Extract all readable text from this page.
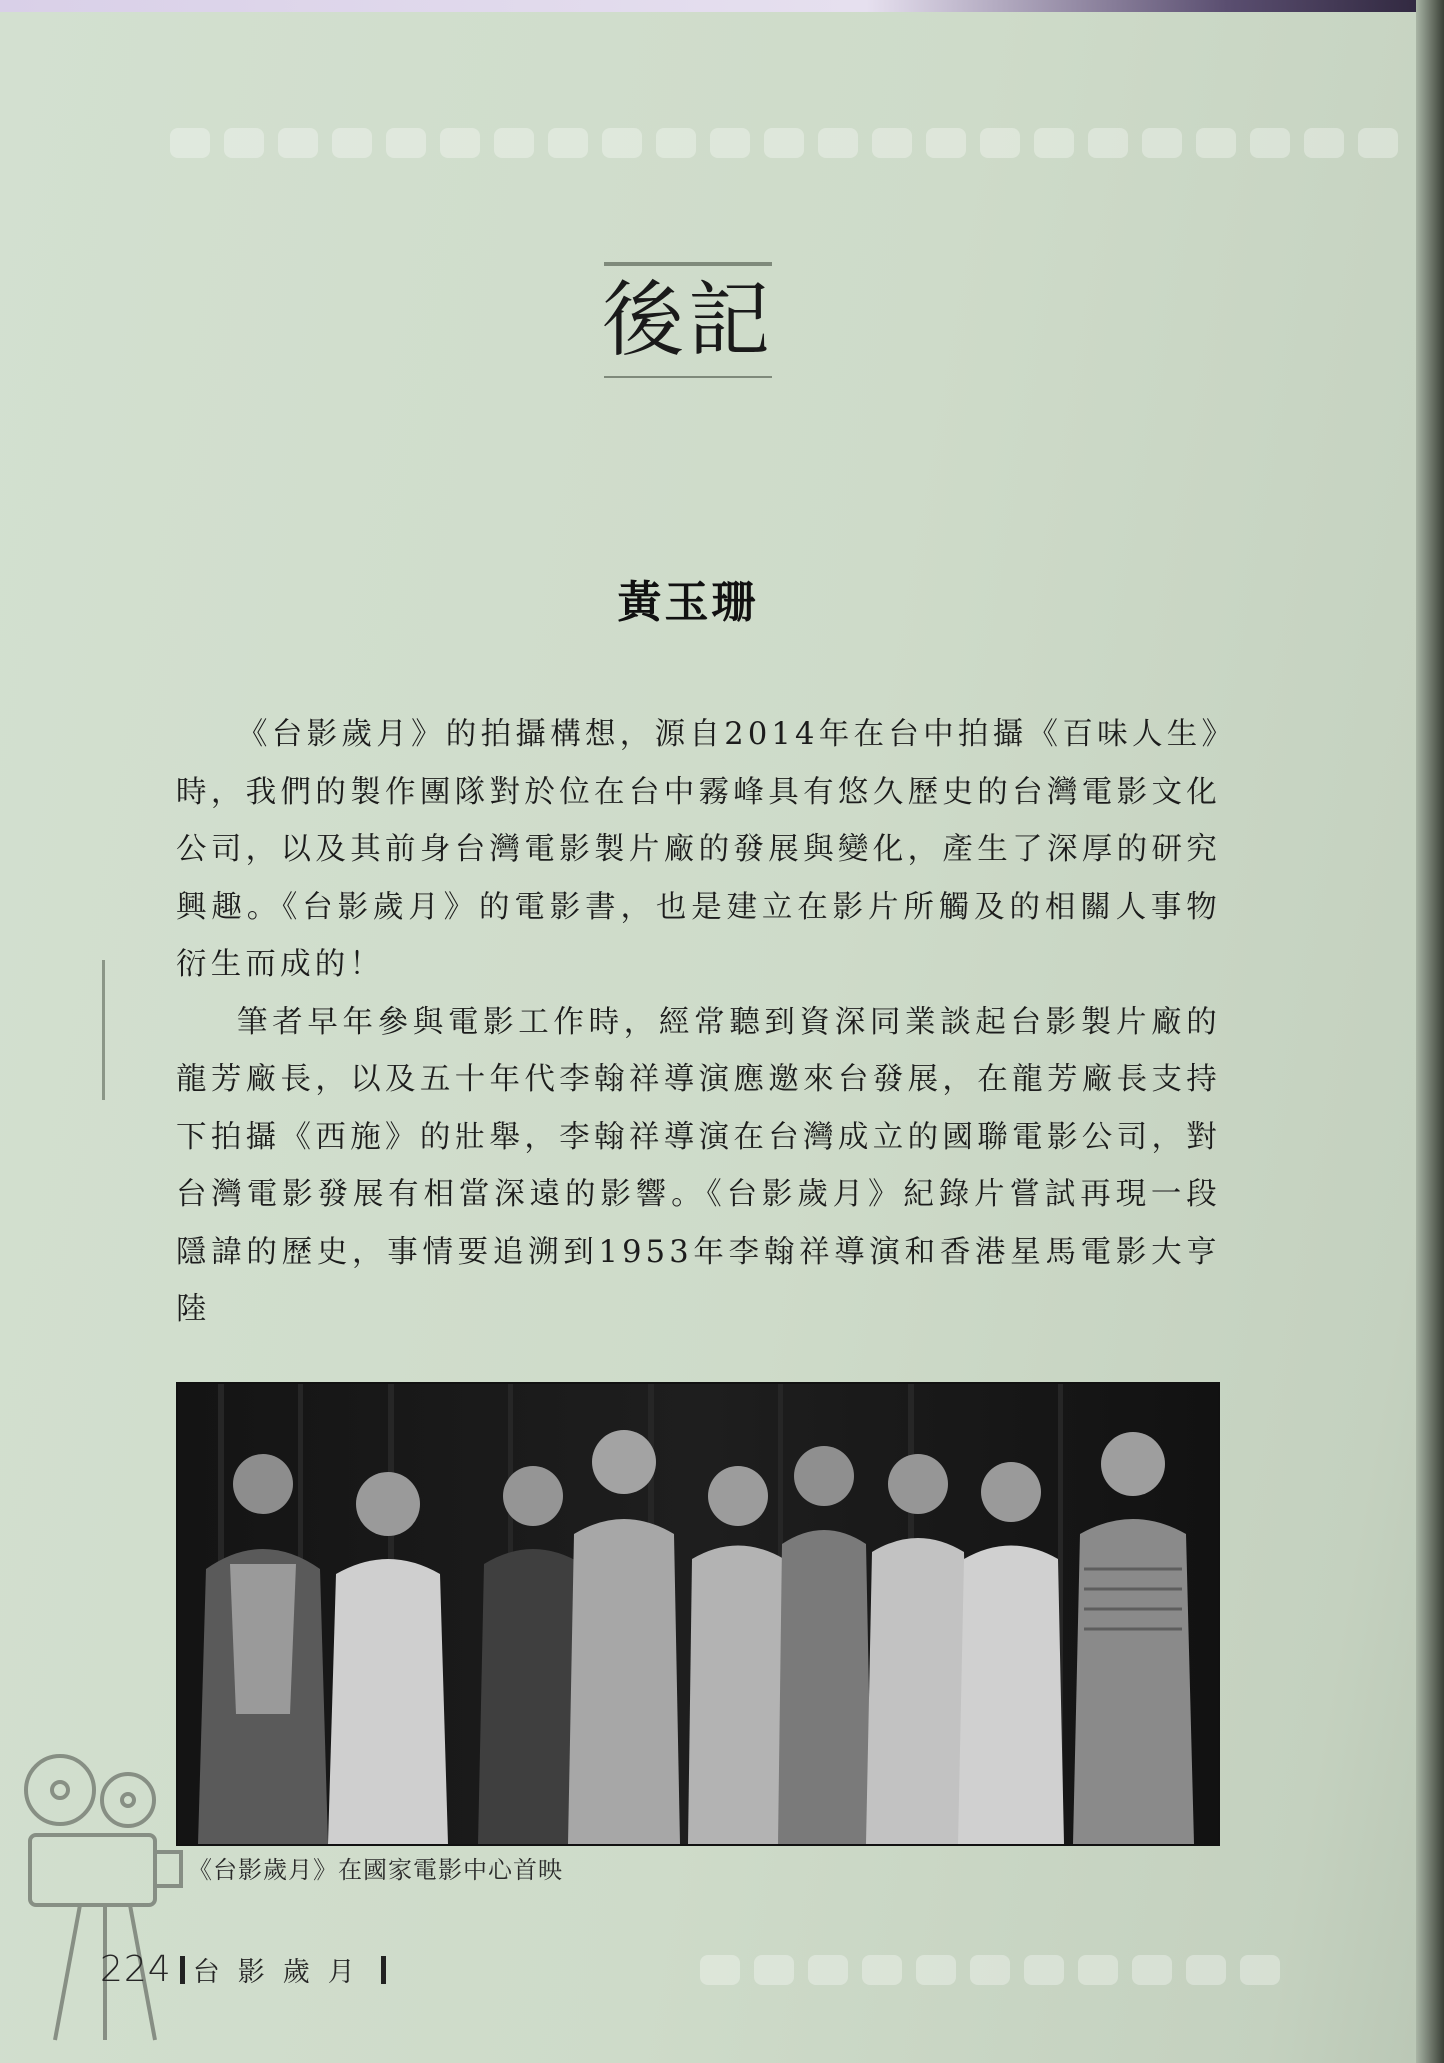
後記
黃玉珊

《台影歲月》的拍攝構想，源自2014年在台中拍攝《百味人生》時，我們的製作團隊對於位在台中霧峰具有悠久歷史的台灣電影文化公司，以及其前身台灣電影製片廠的發展與變化，產生了深厚的研究興趣。《台影歲月》的電影書，也是建立在影片所觸及的相關人事物衍生而成的！

筆者早年參與電影工作時，經常聽到資深同業談起台影製片廠的龍芳廠長，以及五十年代李翰祥導演應邀來台發展，在龍芳廠長支持下拍攝《西施》的壯舉，李翰祥導演在台灣成立的國聯電影公司，對台灣電影發展有相當深遠的影響。《台影歲月》紀錄片嘗試再現一段隱諱的歷史，事情要追溯到1953年李翰祥導演和香港星馬電影大亨陸

《台影歲月》在國家電影中心首映
224 台影歲月
